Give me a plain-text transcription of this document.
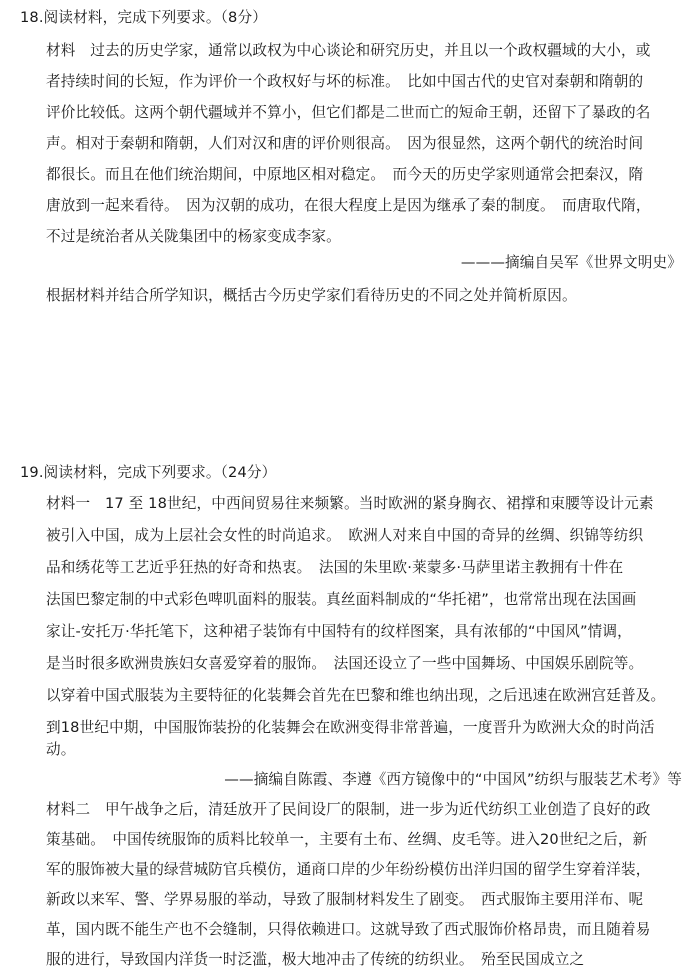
18.阅读材料，完成下列要求。（8分）
材料　过去的历史学家，通常以政权为中心谈论和研究历史，并且以一个政权疆域的大小，或
者持续时间的长短，作为评价一个政权好与坏的标准。　比如中国古代的史官对秦朝和隋朝的
评价比较低。这两个朝代疆域并不算小，但它们都是二世而亡的短命王朝，还留下了暴政的名
声。相对于秦朝和隋朝，人们对汉和唐的评价则很高。　因为很显然，这两个朝代的统治时间
都很长。而且在他们统治期间，中原地区相对稳定。　而今天的历史学家则通常会把秦汉，隋
唐放到一起来看待。　因为汉朝的成功，在很大程度上是因为继承了秦的制度。　而唐取代隋，
不过是统治者从关陇集团中的杨家变成李家。
———摘编自吴军《世界文明史》
根据材料并结合所学知识，概括古今历史学家们看待历史的不同之处并简析原因。
19.阅读材料，完成下列要求。（24分）
材料一　17 至 18世纪，中西间贸易往来频繁。当时欧洲的紧身胸衣、裙撑和束腰等设计元素
被引入中国，成为上层社会女性的时尚追求。　欧洲人对来自中国的奇异的丝绸、织锦等纺织
品和绣花等工艺近乎狂热的好奇和热衷。　法国的朱里欧·莱蒙多·马萨里诺主教拥有十件在
法国巴黎定制的中式彩色啤叽面料的服装。真丝面料制成的“华托裙”，也常常出现在法国画
家让-安托万·华托笔下，这种裙子装饰有中国特有的纹样图案，具有浓郁的“中国风”情调，
是当时很多欧洲贵族妇女喜爱穿着的服饰。　法国还设立了一些中国舞场、中国娱乐剧院等。
以穿着中国式服装为主要特征的化装舞会首先在巴黎和维也纳出现，之后迅速在欧洲宫廷普及。
到18世纪中期，中国服饰装扮的化装舞会在欧洲变得非常普遍，一度晋升为欧洲大众的时尚活
动。
——摘编自陈霞、李遵《西方镜像中的“中国风”纺织与服装艺术考》等
材料二　甲午战争之后，清廷放开了民间设厂的限制，进一步为近代纺织工业创造了良好的政
策基础。　中国传统服饰的质料比较单一，主要有土布、丝绸、皮毛等。进入20世纪之后，新
军的服饰被大量的绿营城防官兵模仿，通商口岸的少年纷纷模仿出洋归国的留学生穿着洋装，
新政以来军、警、学界易服的举动，导致了服制材料发生了剧变。　西式服饰主要用洋布、呢
革，国内既不能生产也不会缝制，只得依赖进口。这就导致了西式服饰价格昂贵，而且随着易
服的进行，导致国内洋货一时泛滥，极大地冲击了传统的纺织业。　殆至民国成立之
